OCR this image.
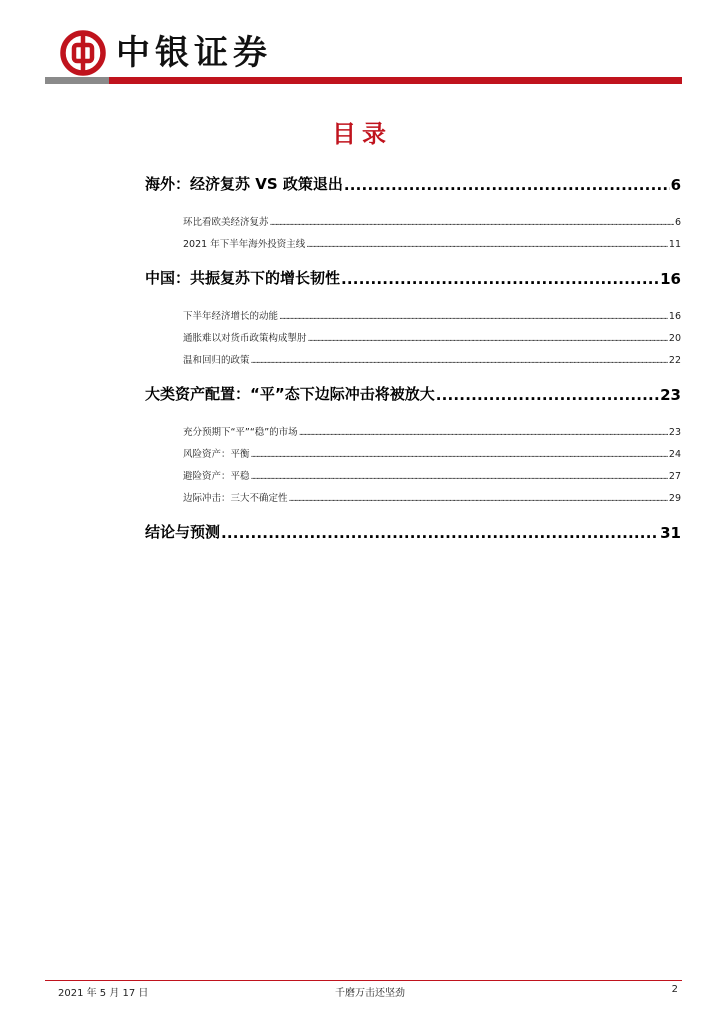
中银证券
目录
海外：经济复苏 VS 政策退出 .....	6
环比看欧美经济复苏 .....	6
2021 年下半年海外投资主线 .....	11
中国：共振复苏下的增长韧性 .....	16
下半年经济增长的动能 .....	16
通胀难以对货币政策构成掣肘 .....	20
温和回归的政策 .....	22
大类资产配置：“平”态下边际冲击将被放大 .....	23
充分预期下“平”“稳”的市场 .....	23
风险资产：平衡 .....	24
避险资产：平稳 .....	27
边际冲击：三大不确定性 .....	29
结论与预测 .....	31
2021 年 5 月 17 日	千磨万击还坚劲	2
